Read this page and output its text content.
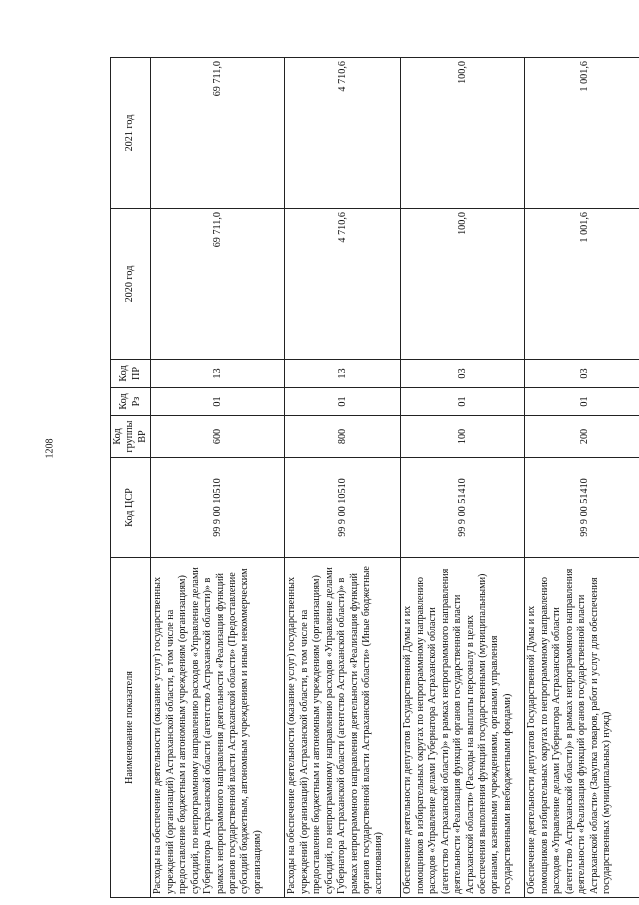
1208
Наименование показателя	Код ЦСР	Код группы ВР	Код Рз	Код ПР	2020 год	2021 год
Расходы на обеспечение деятельности (оказание услуг) государственных учреждений (организаций) Астраханской области, в том числе на предоставление бюджетным и автономным учреждениям (организациям) субсидий, по непрограммному направлению расходов «Управление делами Губернатора Астраханской области (агентство Астраханской области)» в рамках непрограммного направления деятельности «Реализация функций органов государственной власти Астраханской области» (Предоставление субсидий бюджетным, автономным учреждениям и иным некоммерческим организациям)	99 9 00 10510	600	01	13	69 711,0	69 711,0
Расходы на обеспечение деятельности (оказание услуг) государственных учреждений (организаций) Астраханской области, в том числе на предоставление бюджетным и автономным учреждениям (организациям) субсидий, по непрограммному направлению расходов «Управление делами Губернатора Астраханской области (агентство Астраханской области)» в рамках непрограммного направления деятельности «Реализация функций органов государственной власти Астраханской области» (Иные бюджетные ассигнования)	99 9 00 10510	800	01	13	4 710,6	4 710,6
Обеспечение деятельности депутатов Государственной Думы и их помощников в избирательных округах по непрограммному направлению расходов «Управление делами Губернатора Астраханской области (агентство Астраханской области)» в рамках непрограммного направления деятельности «Реализация функций органов государственной власти Астраханской области» (Расходы на выплаты персоналу в целях обеспечения выполнения функций государственными (муниципальными) органами, казенными учреждениями, органами управления государственными внебюджетными фондами)	99 9 00 51410	100	01	03	100,0	100,0
Обеспечение деятельности депутатов Государственной Думы и их помощников в избирательных округах по непрограммному направлению расходов «Управление делами Губернатора Астраханской области (агентство Астраханской области)» в рамках непрограммного направления деятельности «Реализация функций органов государственной власти Астраханской области» (Закупка товаров, работ и услуг для обеспечения государственных (муниципальных) нужд)	99 9 00 51410	200	01	03	1 001,6	1 001,6
